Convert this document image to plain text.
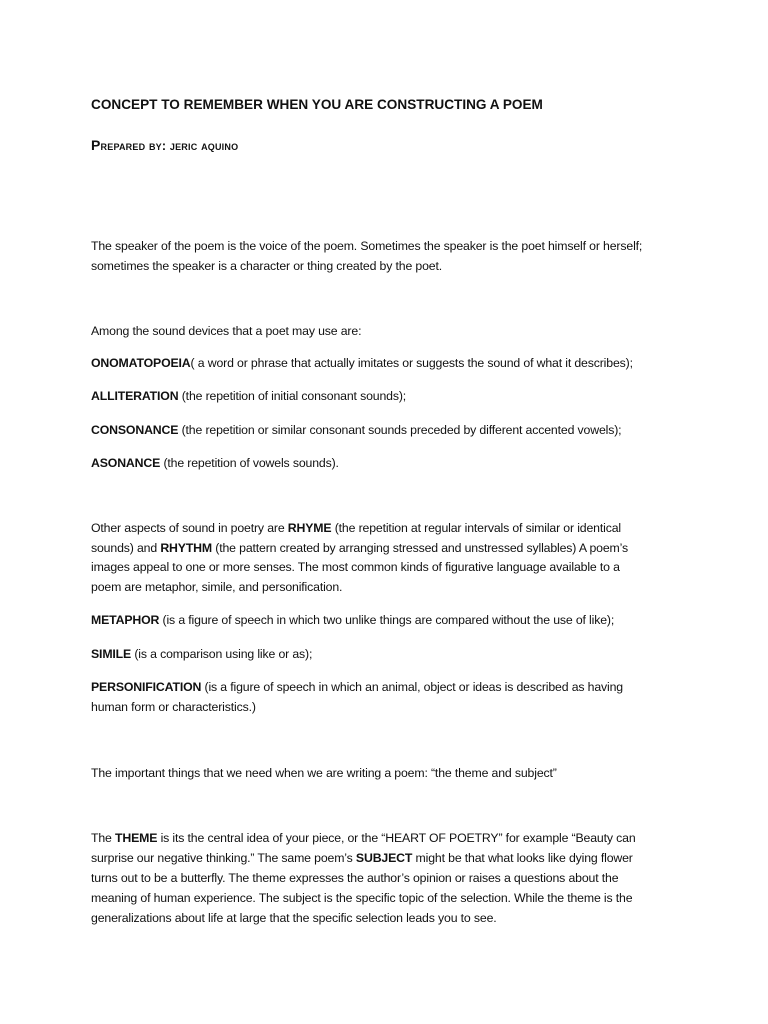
CONCEPT TO REMEMBER WHEN YOU ARE CONSTRUCTING A POEM

Prepared by: jeric aquino

The speaker of the poem is the voice of the poem. Sometimes the speaker is the poet himself or herself;

sometimes the speaker is a character or thing created by the poet.

Among the sound devices that a poet may use are:

ONOMATOPOEIA( a word or phrase that actually imitates or suggests the sound of what it describes);

ALLITERATION (the repetition of initial consonant sounds);

CONSONANCE (the repetition or similar consonant sounds preceded by different accented vowels);

ASONANCE (the repetition of vowels sounds).

Other aspects of sound in poetry are RHYME (the repetition at regular intervals of similar or identical

sounds) and RHYTHM (the pattern created by arranging stressed and unstressed syllables) A poem’s

images appeal to one or more senses. The most common kinds of figurative language available to a

poem are metaphor, simile, and personification.

METAPHOR (is a figure of speech in which two unlike things are compared without the use of like);

SIMILE (is a comparison using like or as);

PERSONIFICATION (is a figure of speech in which an animal, object or ideas is described as having

human form or characteristics.)

The important things that we need when we are writing a poem: “the theme and subject”

The THEME is its the central idea of your piece, or the “HEART OF POETRY” for example “Beauty can

surprise our negative thinking.” The same poem’s SUBJECT might be that what looks like dying flower

turns out to be a butterfly. The theme expresses the author’s opinion or raises a questions about the

meaning of human experience. The subject is the specific topic of the selection. While the theme is the

generalizations about life at large that the specific selection leads you to see.
